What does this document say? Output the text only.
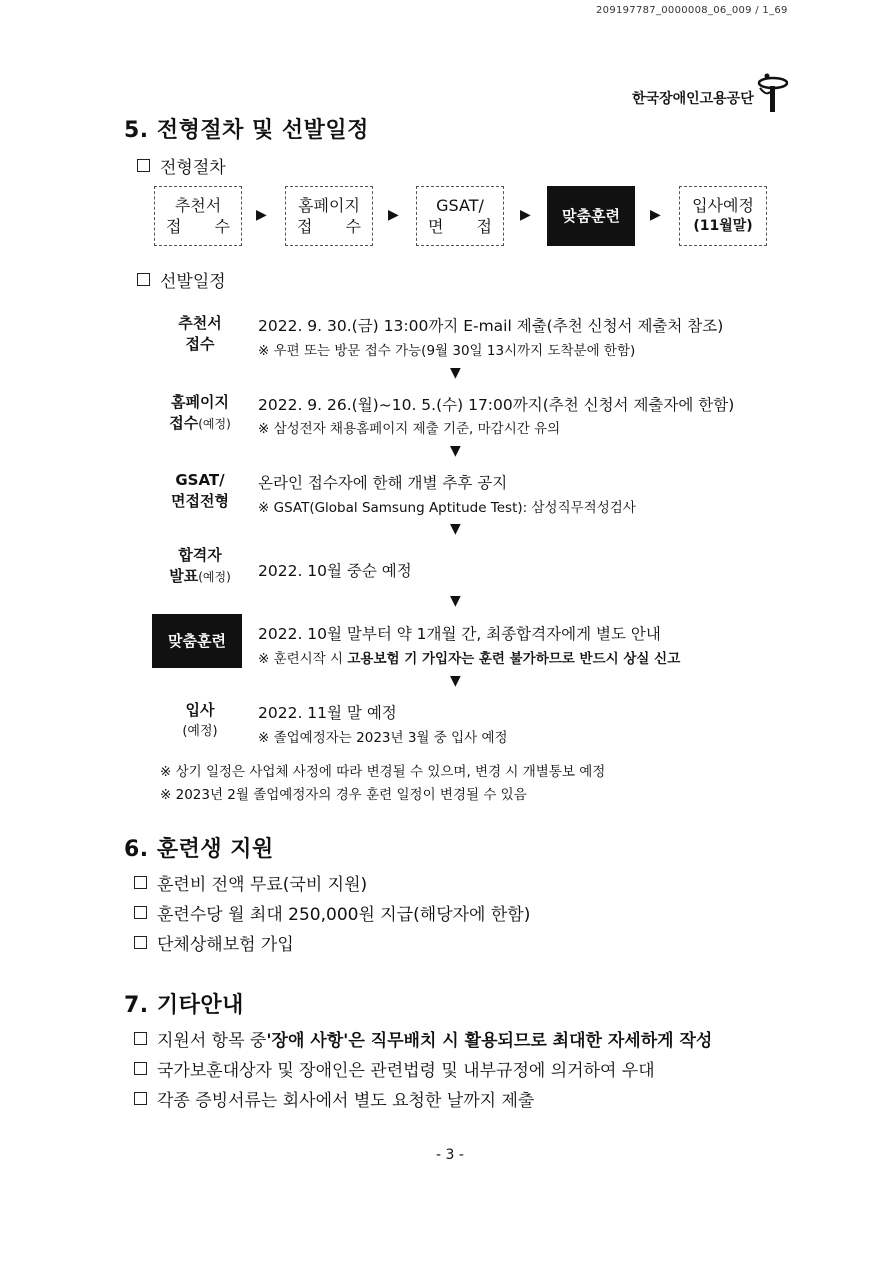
209197787_0000008_06_009 / 1_69
한국장애인고용공단
5. 전형절차 및 선발일정
전형절차
추천서
접 수
▶ 홈페이지
접 수
▶ GSAT/
면 접
▶ 맞춤훈련 ▶ 입사예정
(11월말)
선발일정
추천서
접수
2022. 9. 30.(금) 13:00까지 E-mail 제출(추천 신청서 제출처 참조)
※ 우편 또는 방문 접수 가능(9월 30일 13시까지 도착분에 한함)
▼
홈페이지
접수(예정)
2022. 9. 26.(월)~10. 5.(수) 17:00까지(추천 신청서 제출자에 한함)
※ 삼성전자 채용홈페이지 제출 기준, 마감시간 유의
▼
GSAT/
면접전형
온라인 접수자에 한해 개별 추후 공지
※ GSAT(Global Samsung Aptitude Test): 삼성직무적성검사
▼
합격자
발표(예정)	2022. 10월 중순 예정
▼
맞춤훈련	2022. 10월 말부터 약 1개월 간, 최종합격자에게 별도 안내
※ 훈련시작 시 고용보험 기 가입자는 훈련 불가하므로 반드시 상실 신고
▼
입사
(예정)
2022. 11월 말 예정
※ 졸업예정자는 2023년 3월 중 입사 예정
※ 상기 일정은 사업체 사정에 따라 변경될 수 있으며, 변경 시 개별통보 예정
※ 2023년 2월 졸업예정자의 경우 훈련 일정이 변경될 수 있음
6. 훈련생 지원
훈련비 전액 무료(국비 지원)
훈련수당 월 최대 250,000원 지급(해당자에 한함)
단체상해보험 가입
7. 기타안내
지원서 항목 중 '장애 사항'은 직무배치 시 활용되므로 최대한 자세하게 작성
국가보훈대상자 및 장애인은 관련법령 및 내부규정에 의거하여 우대
각종 증빙서류는 회사에서 별도 요청한 날까지 제출
- 3 -
